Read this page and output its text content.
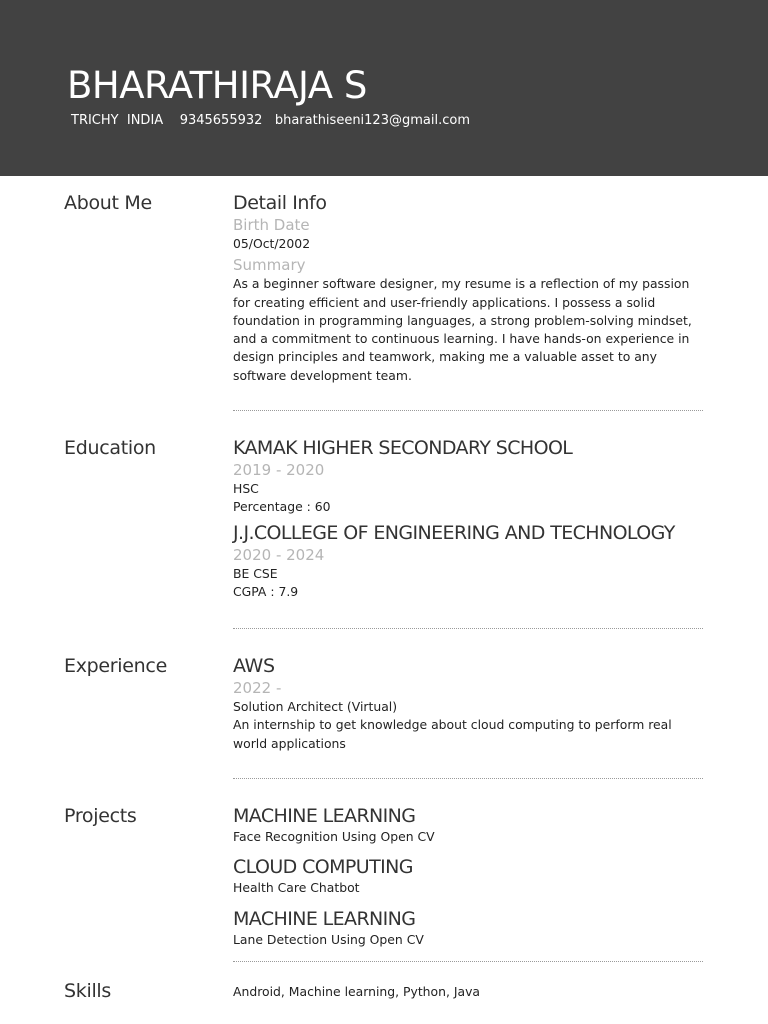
BHARATHIRAJA S
TRICHY INDIA 9345655932 bharathiseeni123@gmail.com
About Me	Detail Info
Birth Date
05/Oct/2002
Summary
As a beginner software designer, my resume is a reflection of my passion for creating efficient and user-friendly applications. I possess a solid foundation in programming languages, a strong problem-solving mindset, and a commitment to continuous learning. I have hands-on experience in design principles and teamwork, making me a valuable asset to any software development team.
Education	KAMAK HIGHER SECONDARY SCHOOL
2019 - 2020
HSC
Percentage : 60
J.J.COLLEGE OF ENGINEERING AND TECHNOLOGY
2020 - 2024
BE CSE
CGPA : 7.9
Experience	AWS
2022 -
Solution Architect (Virtual)
An internship to get knowledge about cloud computing to perform real world applications
Projects	MACHINE LEARNING
Face Recognition Using Open CV
CLOUD COMPUTING
Health Care Chatbot
MACHINE LEARNING
Lane Detection Using Open CV
Skills	Android, Machine learning, Python, Java
